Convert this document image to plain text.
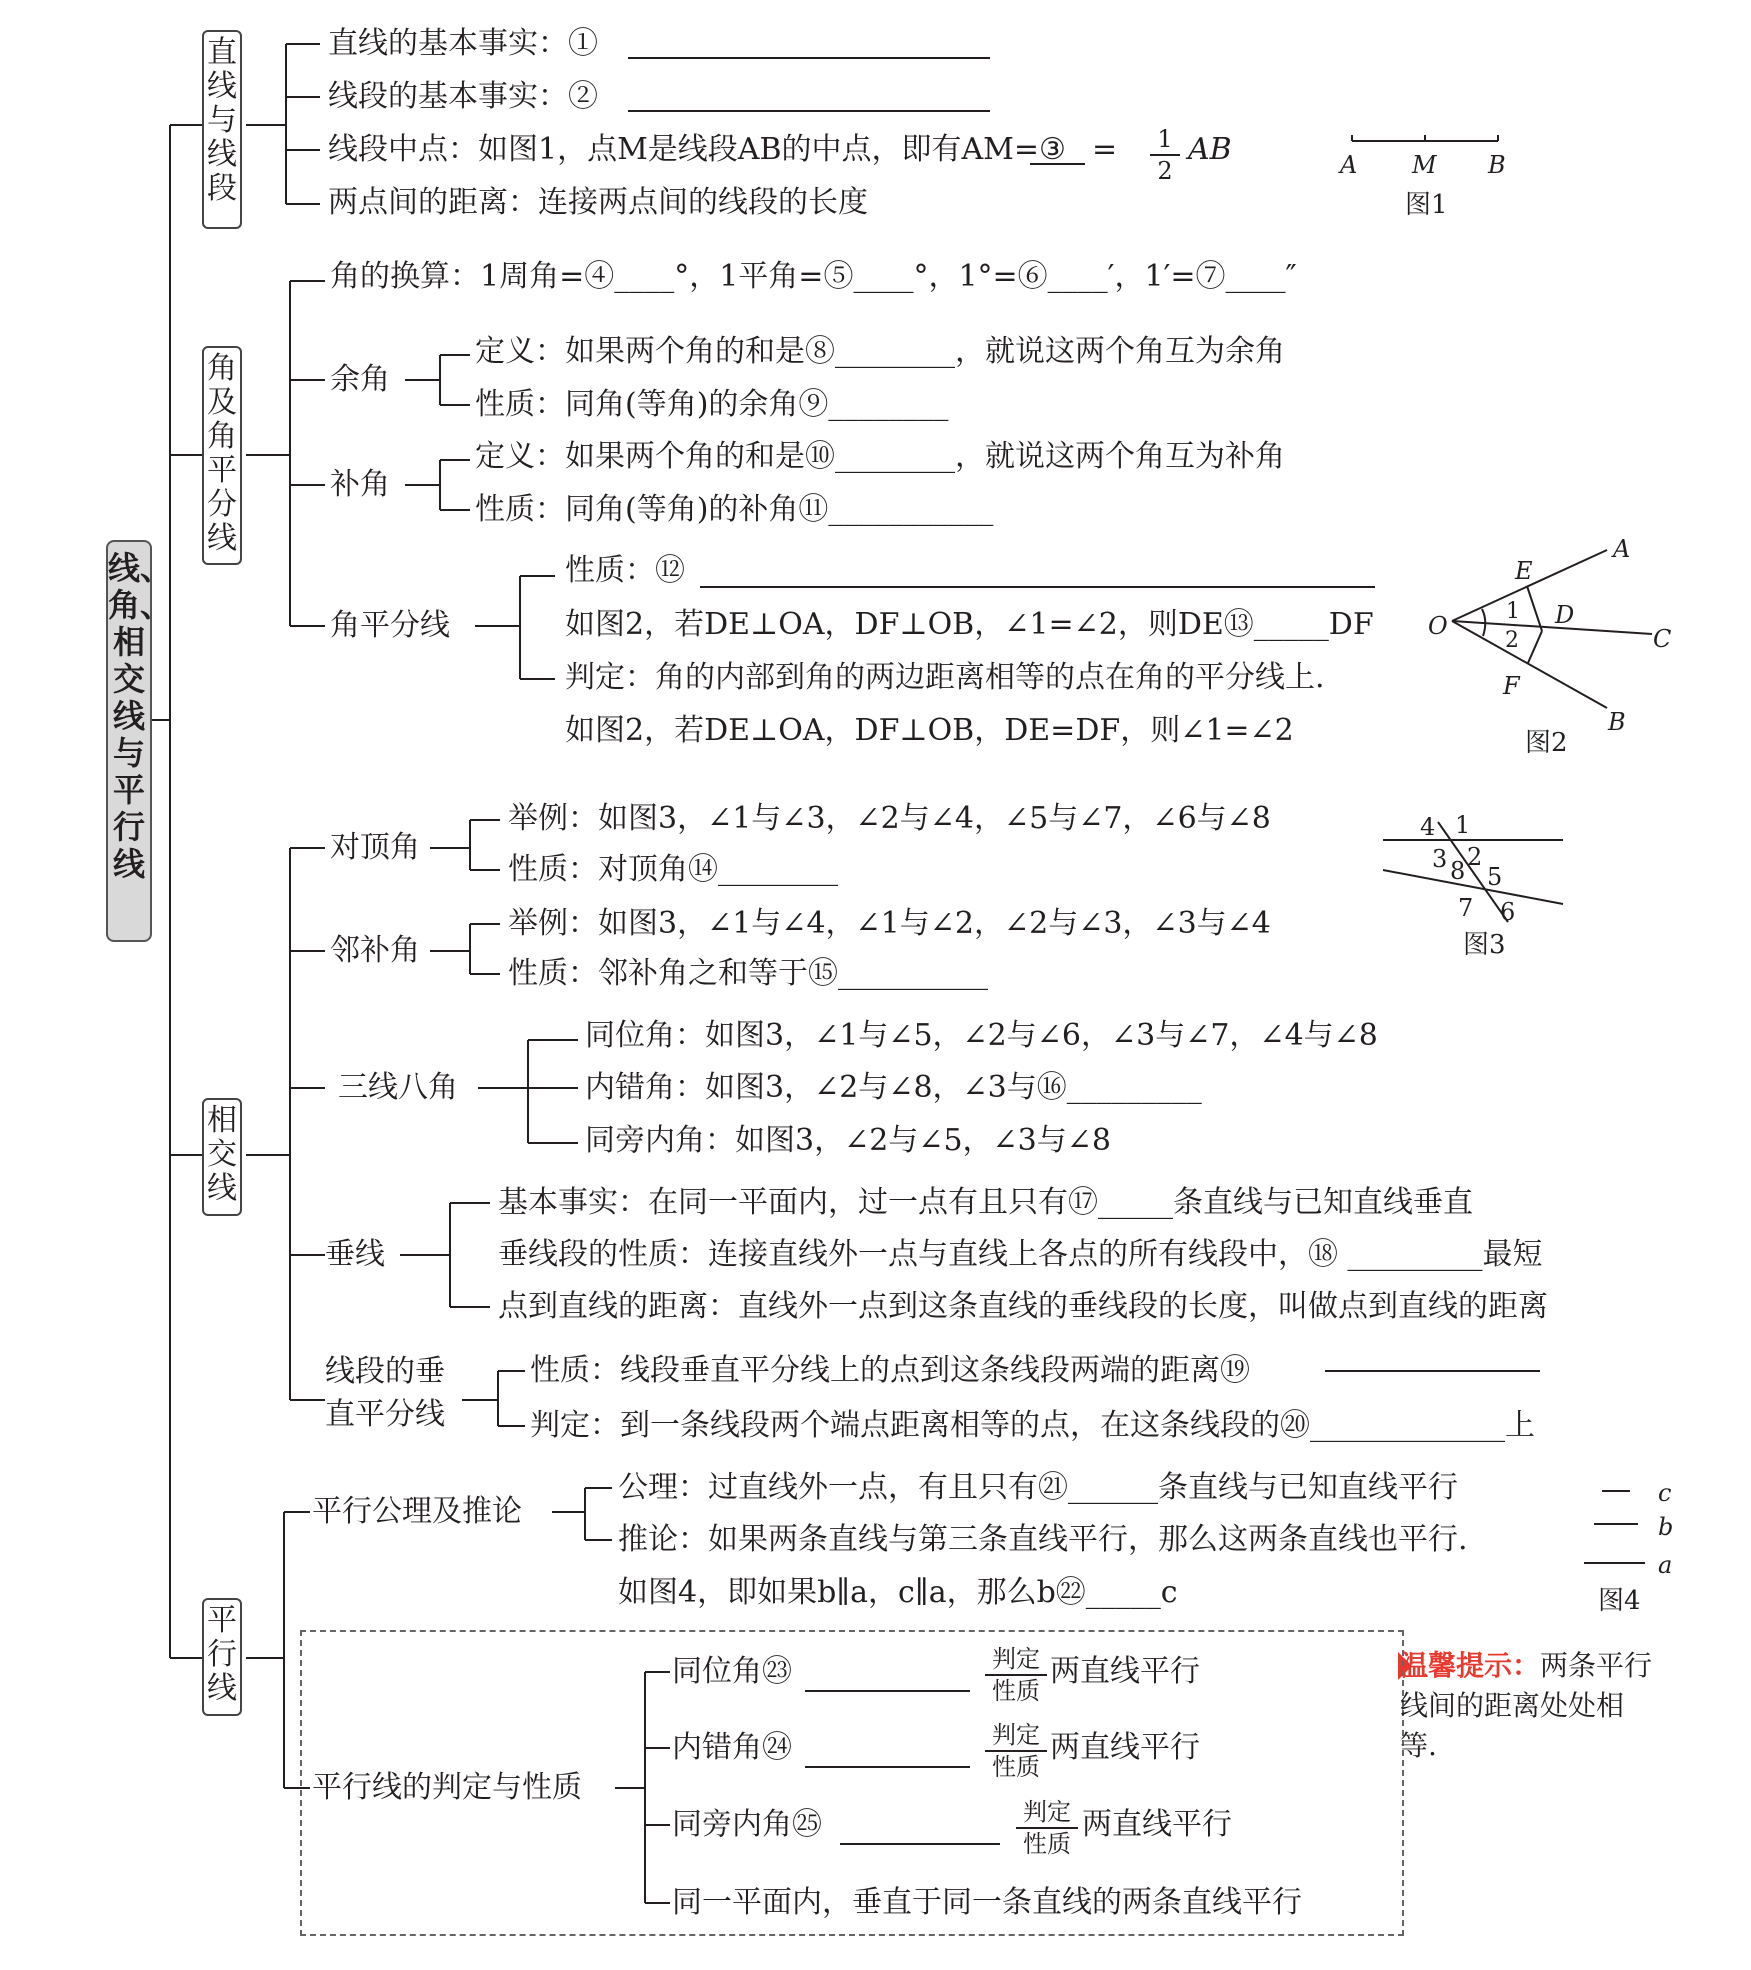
线、角、相交线与平行线
直线与线段
角及角平分线
相交线
平行线
直线的基本事实：①
线段的基本事实：②
线段中点：如图1，点M是线段AB的中点，即有AM=③ =	1
2
AB
两点间的距离：连接两点间的线段的长度
A M B
图1
角的换算：1周角=④____°，1平角=⑤____°，1°=⑥____′，1′=⑦____″
余角
定义：如果两个角的和是⑧________，就说这两个角互为余角
性质：同角(等角)的余角⑨________
补角
定义：如果两个角的和是⑩________，就说这两个角互为补角
性质：同角(等角)的补角⑪___________
角平分线
性质：⑫
如图2，若DE⊥OA，DF⊥OB，∠1=∠2，则DE⑬_____DF
判定：角的内部到角的两边距离相等的点在角的平分线上.
如图2，若DE⊥OA，DF⊥OB，DE=DF，则∠1=∠2
A
B
C
D
E
F
O
1
2
图2
对顶角
举例：如图3，∠1与∠3，∠2与∠4，∠5与∠7，∠6与∠8
性质：对顶角⑭________
邻补角
举例：如图3，∠1与∠4，∠1与∠2，∠2与∠3，∠3与∠4
性质：邻补角之和等于⑮__________
三线八角
同位角：如图3，∠1与∠5，∠2与∠6，∠3与∠7，∠4与∠8
内错角：如图3，∠2与∠8，∠3与⑯_________
同旁内角：如图3，∠2与∠5，∠3与∠8
垂线
基本事实：在同一平面内，过一点有且只有⑰_____条直线与已知直线垂直
垂线段的性质：连接直线外一点与直线上各点的所有线段中，⑱ _________最短
点到直线的距离：直线外一点到这条直线的垂线段的长度，叫做点到直线的距离
线段的垂
直平分线
性质：线段垂直平分线上的点到这条线段两端的距离⑲
判定：到一条线段两个端点距离相等的点，在这条线段的⑳_____________上
4 1
3 8 2
5
7 6
图3
平行公理及推论
公理：过直线外一点，有且只有㉑______条直线与已知直线平行
推论：如果两条直线与第三条直线平行，那么这两条直线也平行.
如图4，即如果b∥a，c∥a，那么b㉒_____c
c
b
a
图4
平行线的判定与性质
同位角㉓	判定
性质
两直线平行
内错角㉔	判定
性质
两直线平行
同旁内角㉕	判定
性质
两直线平行
同一平面内，垂直于同一条直线的两条直线平行
温馨提示：两条平行线间的距离处处相等.
